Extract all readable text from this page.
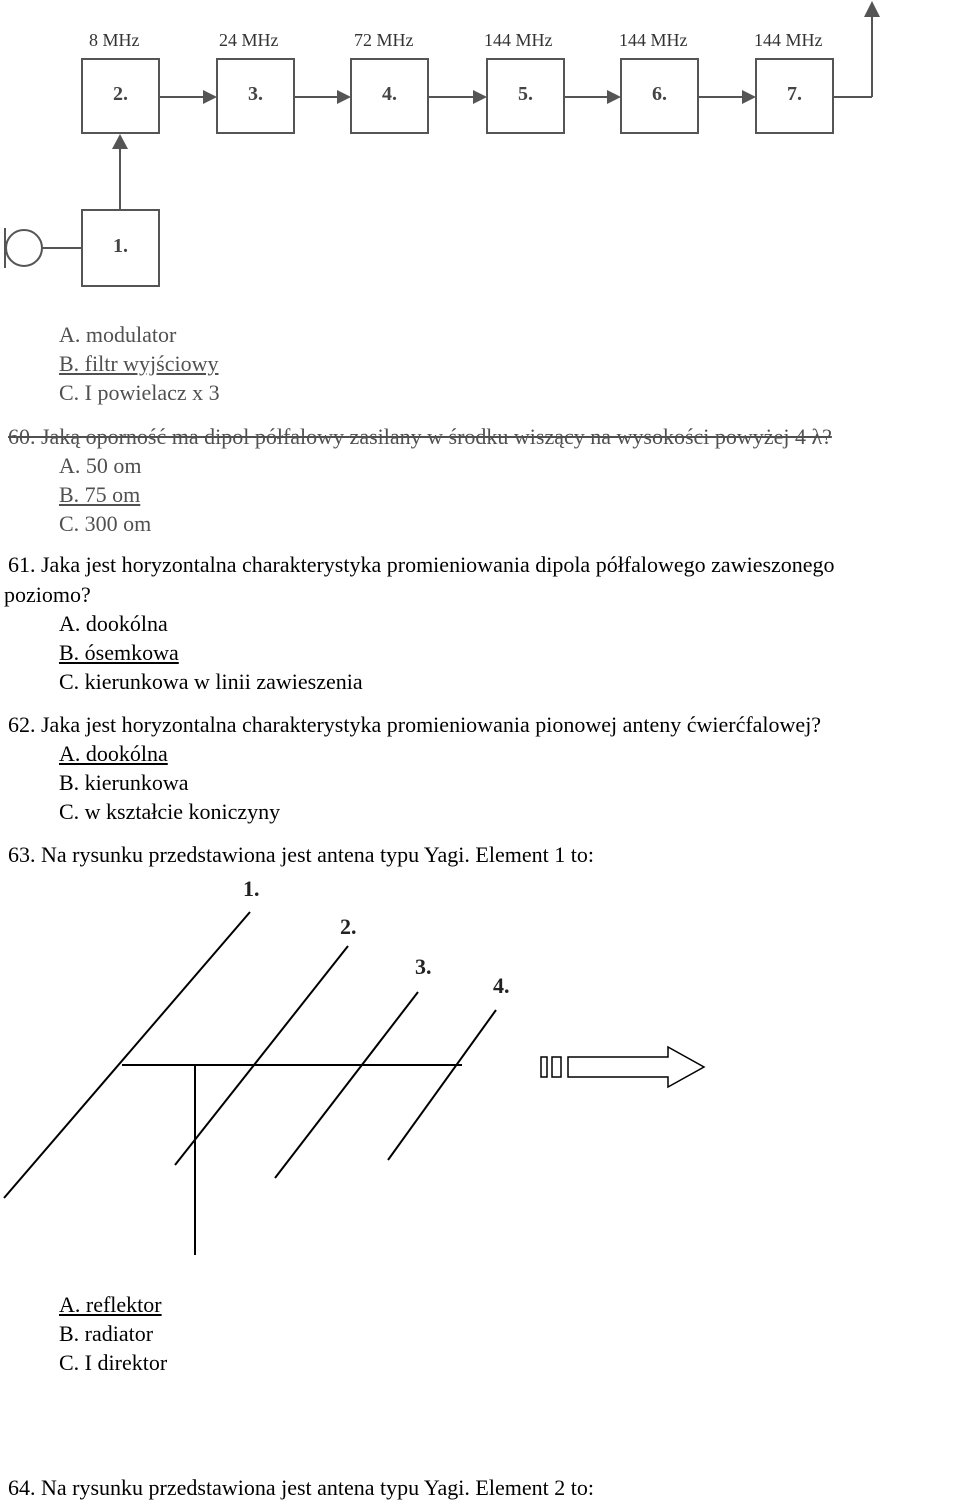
8 MHz	24 MHz	72 MHz	144 MHz	144 MHz	144 MHz
2.	3.	4.	5.	6.	7.
1.
A. modulator
B. filtr wyjściowy
C. I powielacz x 3
60. Jaką oporność ma dipol półfalowy zasilany w środku wiszący na wysokości powyżej 4 λ?
A. 50 om
B. 75 om
C. 300 om
61. Jaka jest horyzontalna charakterystyka promieniowania dipola półfalowego zawieszonego
poziomo?
A. dookólna
B. ósemkowa
C. kierunkowa w linii zawieszenia
62. Jaka jest horyzontalna charakterystyka promieniowania pionowej anteny ćwierćfalowej?
A. dookólna
B. kierunkowa
C. w kształcie koniczyny
63. Na rysunku przedstawiona jest antena typu Yagi. Element 1 to:
1.
2.
3.
4.
A. reflektor
B. radiator
C. I direktor
64. Na rysunku przedstawiona jest antena typu Yagi. Element 2 to:
